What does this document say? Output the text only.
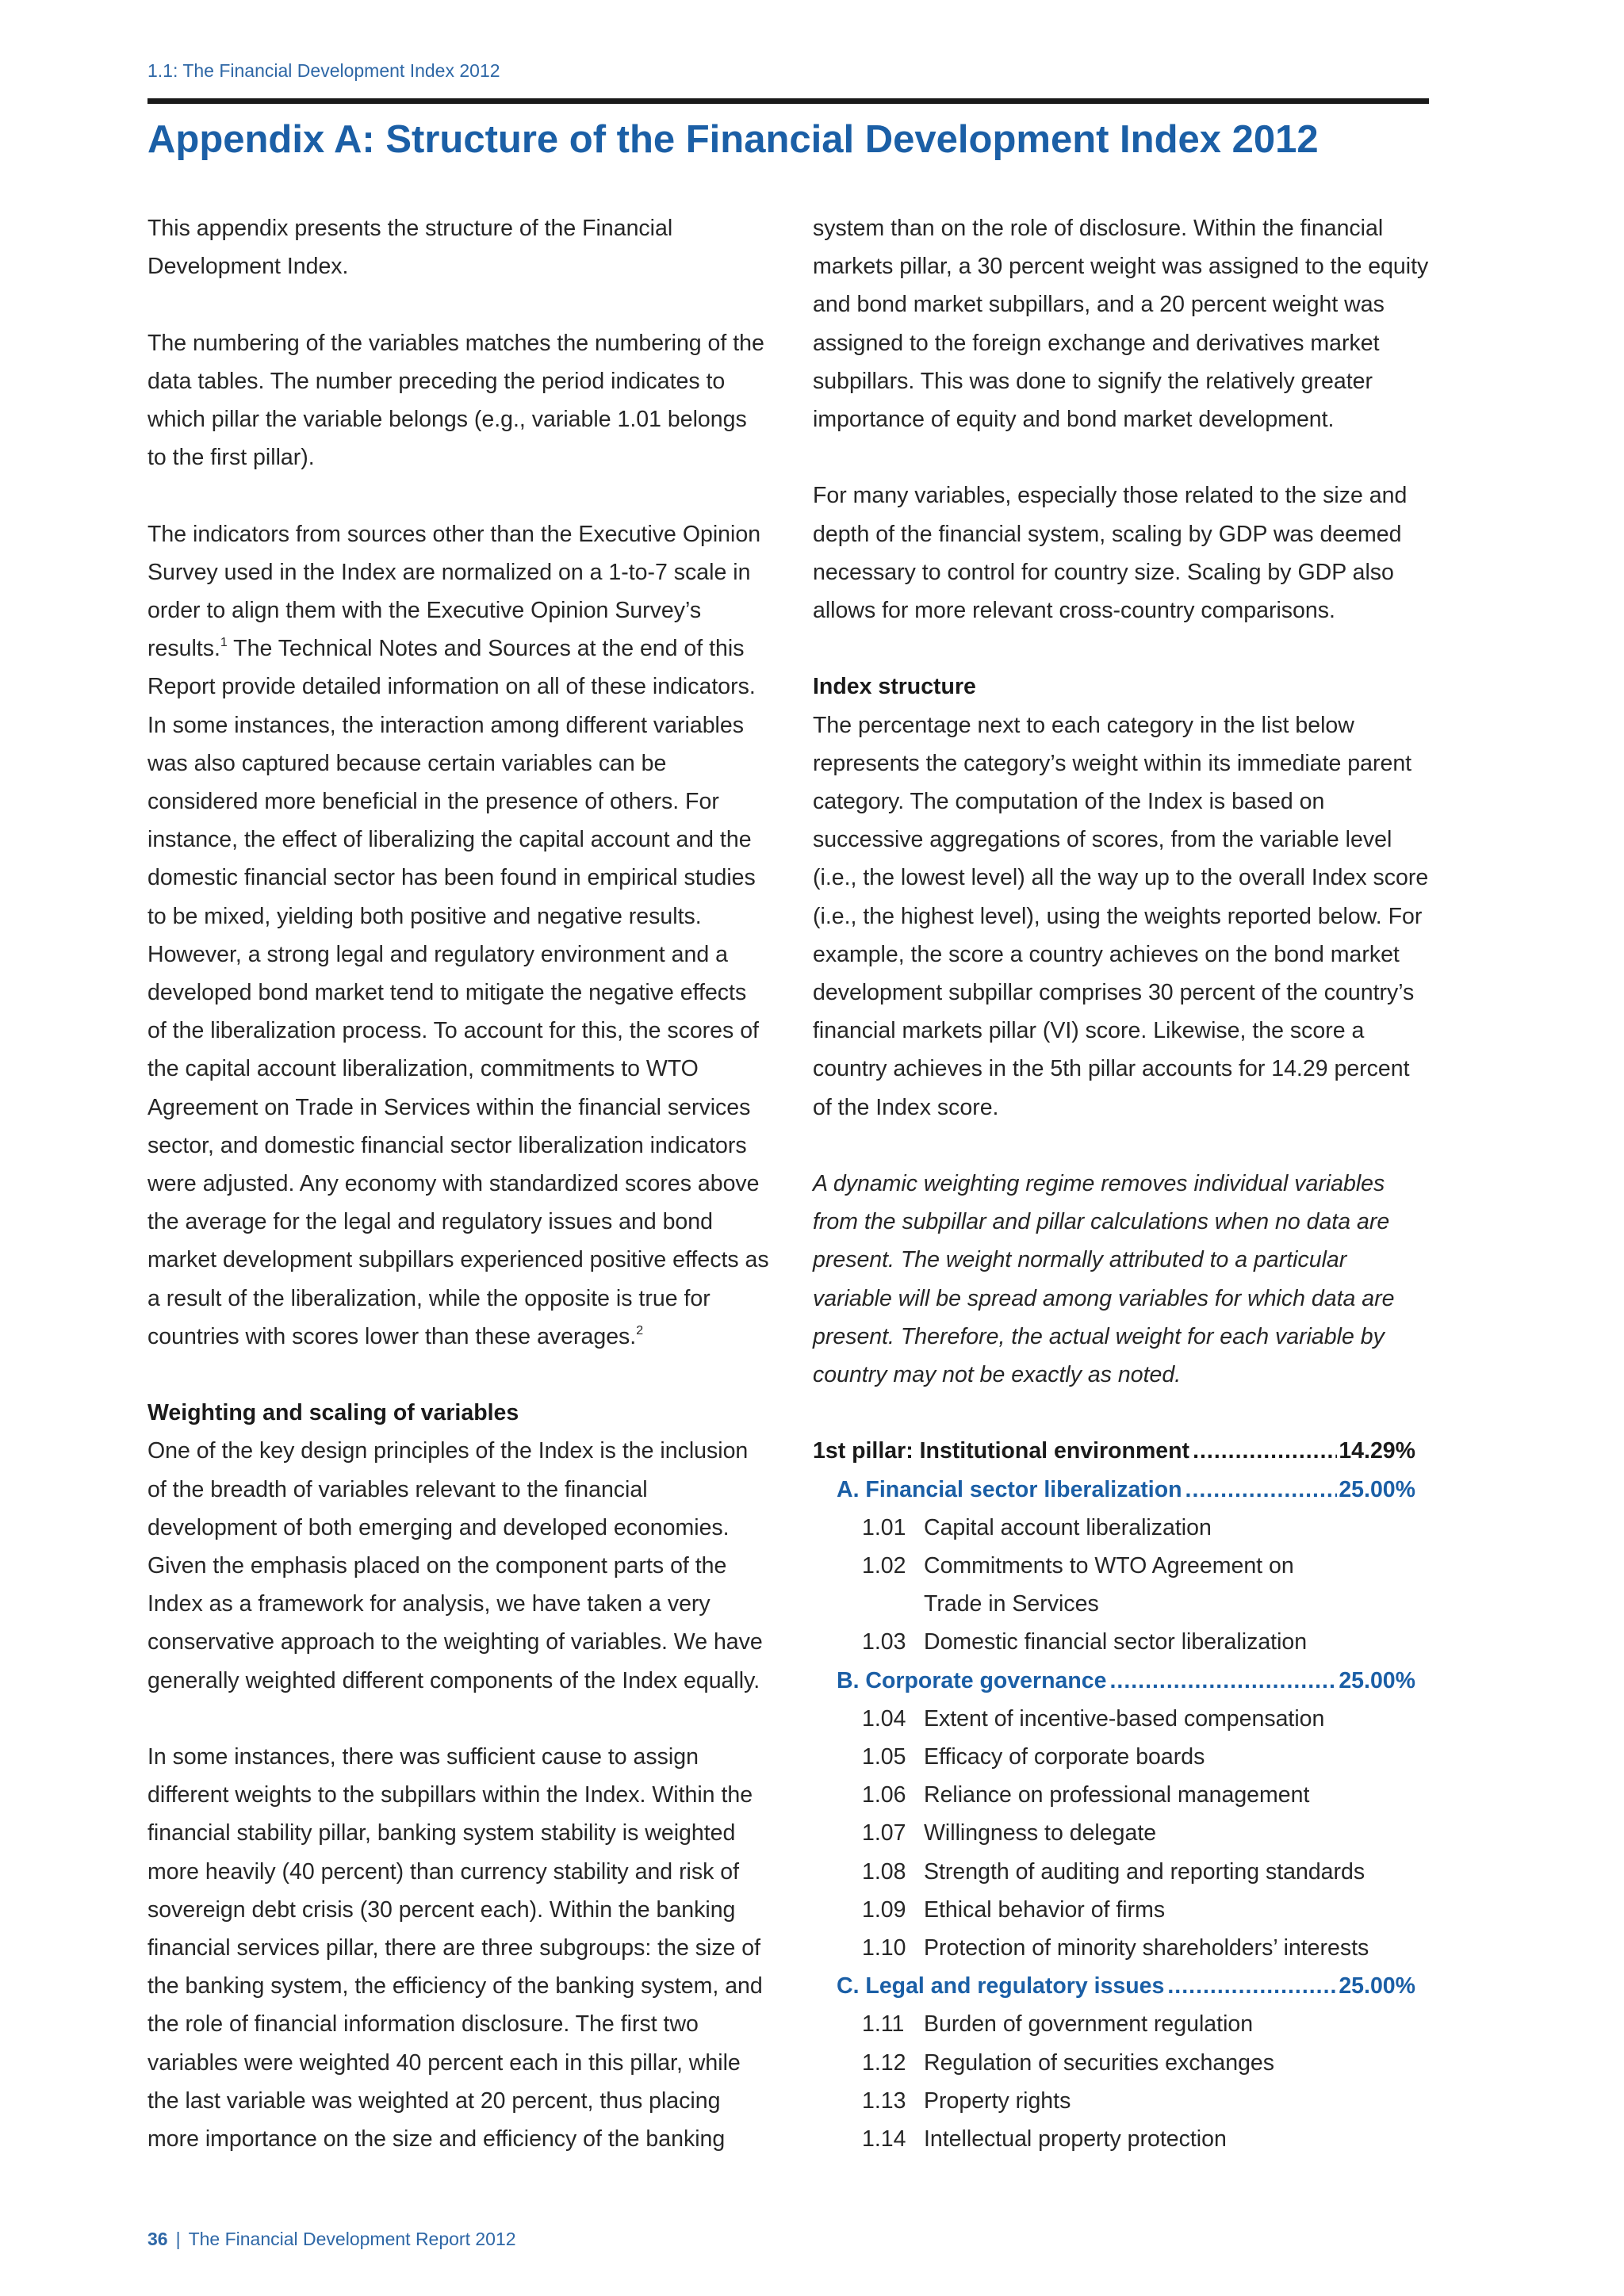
1.1: The Financial Development Index 2012
Appendix A: Structure of the Financial Development Index 2012

This appendix presents the structure of the Financial Development Index.

The numbering of the variables matches the numbering of the data tables. The number preceding the period indicates to which pillar the variable belongs (e.g., variable 1.01 belongs to the first pillar).

The indicators from sources other than the Executive Opinion Survey used in the Index are normalized on a 1-to-7 scale in order to align them with the Executive Opinion Survey’s results.$^1$ The Technical Notes and Sources at the end of this Report provide detailed information on all of these indicators. In some instances, the interaction among different variables was also captured because certain variables can be considered more beneficial in the presence of others. For instance, the effect of liberalizing the capital account and the domestic financial sector has been found in empirical studies to be mixed, yielding both positive and negative results. However, a strong legal and regulatory environment and a developed bond market tend to mitigate the negative effects of the liberalization process. To account for this, the scores of the capital account liberalization, commitments to WTO Agreement on Trade in Services within the financial services sector, and domestic financial sector liberalization indicators were adjusted. Any economy with standardized scores above the average for the legal and regulatory issues and bond market development subpillars experienced positive effects as a result of the liberalization, while the opposite is true for countries with scores lower than these averages.$^2$

Weighting and scaling of variables

One of the key design principles of the Index is the inclusion of the breadth of variables relevant to the financial development of both emerging and developed economies. Given the emphasis placed on the component parts of the Index as a framework for analysis, we have taken a very conservative approach to the weighting of variables. We have generally weighted different components of the Index equally.

In some instances, there was sufficient cause to assign different weights to the subpillars within the Index. Within the financial stability pillar, banking system stability is weighted more heavily (40 percent) than currency stability and risk of sovereign debt crisis (30 percent each). Within the banking financial services pillar, there are three subgroups: the size of the banking system, the efficiency of the banking system, and the role of financial information disclosure. The first two variables were weighted 40 percent each in this pillar, while the last variable was weighted at 20 percent, thus placing more importance on the size and efficiency of the banking

system than on the role of disclosure. Within the financial markets pillar, a 30 percent weight was assigned to the equity and bond market subpillars, and a 20 percent weight was assigned to the foreign exchange and derivatives market subpillars. This was done to signify the relatively greater importance of equity and bond market development.

For many variables, especially those related to the size and depth of the financial system, scaling by GDP was deemed necessary to control for country size. Scaling by GDP also allows for more relevant cross-country comparisons.

Index structure

The percentage next to each category in the list below represents the category’s weight within its immediate parent category. The computation of the Index is based on successive aggregations of scores, from the variable level (i.e., the lowest level) all the way up to the overall Index score (i.e., the highest level), using the weights reported below. For example, the score a country achieves on the bond market development subpillar comprises 30 percent of the country’s financial markets pillar (VI) score. Likewise, the score a country achieves in the 5th pillar accounts for 14.29 percent of the Index score.

A dynamic weighting regime removes individual variables from the subpillar and pillar calculations when no data are present. The weight normally attributed to a particular variable will be spread among variables for which data are present. Therefore, the actual weight for each variable by country may not be exactly as noted.

1st pillar: Institutional environment .....	14.29%
A. Financial sector liberalization .....	25.00%
1.01 Capital account liberalization
1.02 Commitments to WTO Agreement on Trade in Services
1.03 Domestic financial sector liberalization
B. Corporate governance .....	25.00%
1.04 Extent of incentive-based compensation
1.05 Efficacy of corporate boards
1.06 Reliance on professional management
1.07 Willingness to delegate
1.08 Strength of auditing and reporting standards
1.09 Ethical behavior of firms
1.10 Protection of minority shareholders’ interests
C. Legal and regulatory issues .....	25.00%
1.11 Burden of government regulation
1.12 Regulation of securities exchanges
1.13 Property rights
1.14 Intellectual property protection
36 | The Financial Development Report 2012
